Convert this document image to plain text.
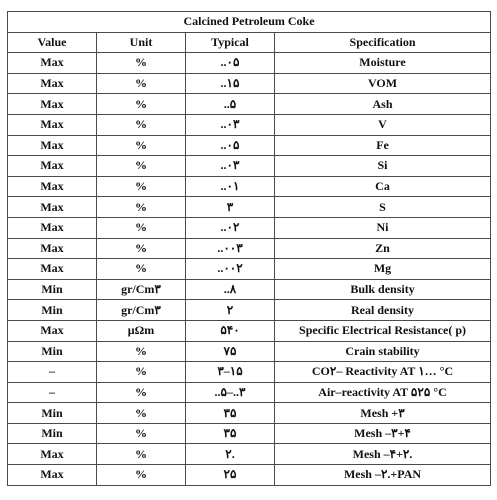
Calcined Petroleum Coke			
Value	Unit	Typical	Specification
Max	%	..۰۵	Moisture
Max	%	..۱۵	VOM
Max	%	..۵	Ash
Max	%	..۰۳	V
Max	%	..۰۵	Fe
Max	%	..۰۳	Si
Max	%	..۰۱	Ca
Max	%	۳	S
Max	%	..۰۲	Ni
Max	%	..۰۰۳	Zn
Max	%	..۰۰۲	Mg
Min	gr/Cm۳	..۸	Bulk density
Min	gr/Cm۳	۲	Real density
Max	μΩm	۵۴۰	Specific Electrical Resistance( p)
Min	%	۷۵	Crain stability
–	%	۳–۱۵	CO۲– Reactivity AT ۱… °C
–	%	..۵–..۳	Air–reactivity AT ۵۲۵ °C
Min	%	۳۵	Mesh +۳
Min	%	۳۵	Mesh –۳+۴
Max	%	۲.	Mesh –۴+۲.
Max	%	۲۵	Mesh –۲.+PAN
